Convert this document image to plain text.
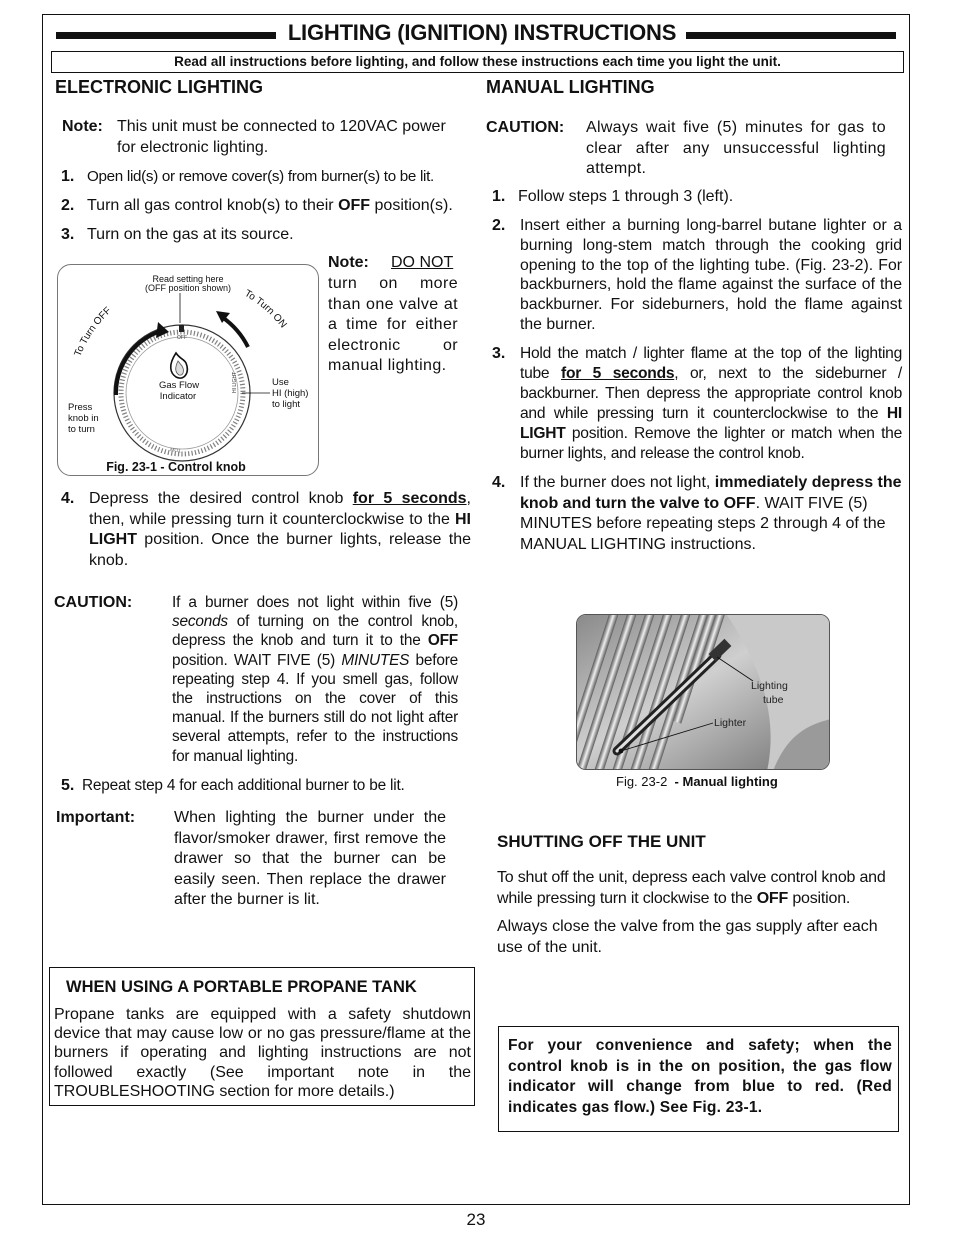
LIGHTING (IGNITION) INSTRUCTIONS
Read all instructions before lighting, and follow these instructions each time you light the unit.
ELECTRONIC LIGHTING
Note: This unit must be connected to 120VAC power for electronic lighting.
1. Open lid(s) or remove cover(s) from burner(s) to be lit.
2. Turn all gas control knob(s) to their OFF position(s).
3. Turn on the gas at its source.
OFF
HI LIGHT
MO1
To Turn OFF
To Turn ON
Read setting here
(OFF position shown)
Gas Flow
Indicator
Press
knob in
to turn
Use
HI (high)
to light
Fig. 23-1 - Control knob
Note: DO NOT
turn on more than one valve at a time for either electronic or manual lighting.
4. Depress the desired control knob for 5 seconds, then, while pressing turn it counterclockwise to the HI LIGHT position. Once the burner lights, release the knob.
CAUTION:	If a burner does not light within five (5) seconds of turning on the control knob, depress the knob and turn it to the OFF position. WAIT FIVE (5) MINUTES before repeating step 4. If you smell gas, follow the instructions on the cover of this manual. If the burners still do not light after several attempts, refer to the instructions for manual lighting.
5. Repeat step 4 for each additional burner to be lit.
Important: When lighting the burner under the flavor/smoker drawer, first remove the drawer so that the burner can be easily seen. Then replace the drawer after the burner is lit.
WHEN USING A PORTABLE PROPANE TANK
Propane tanks are equipped with a safety shutdown device that may cause low or no gas pressure/flame at the burners if operating and lighting instructions are not followed exactly (See important note in the TROUBLESHOOTING section for more details.)
MANUAL LIGHTING
CAUTION: Always wait five (5) minutes for gas to clear after any unsuccessful lighting attempt.
1. Follow steps 1 through 3 (left).
2. Insert either a burning long-barrel butane lighter or a burning long-stem match through the cooking grid opening to the top of the lighting tube. (Fig. 23-2). For backburners, hold the flame against the surface of the backburner. For sideburners, hold the flame against the burner.
3. Hold the match / lighter flame at the top of the lighting tube for 5 seconds, or, next to the sideburner / backburner. Then depress the appropriate control knob and while pressing turn it counterclockwise to the HI LIGHT position. Remove the lighter or match when the burner lights, and release the control knob.
4. If the burner does not light, immediately depress the knob and turn the valve to OFF. WAIT FIVE (5) MINUTES before repeating steps 2 through 4 of the MANUAL LIGHTING instructions.
Lighting
tube
Lighter
Fig. 23-2 - Manual lighting
SHUTTING OFF THE UNIT
To shut off the unit, depress each valve control knob and while pressing turn it clockwise to the OFF position.
Always close the valve from the gas supply after each use of the unit.
For your convenience and safety; when the control knob is in the on position, the gas flow indicator will change from blue to red. (Red indicates gas flow.) See Fig. 23-1.
23
